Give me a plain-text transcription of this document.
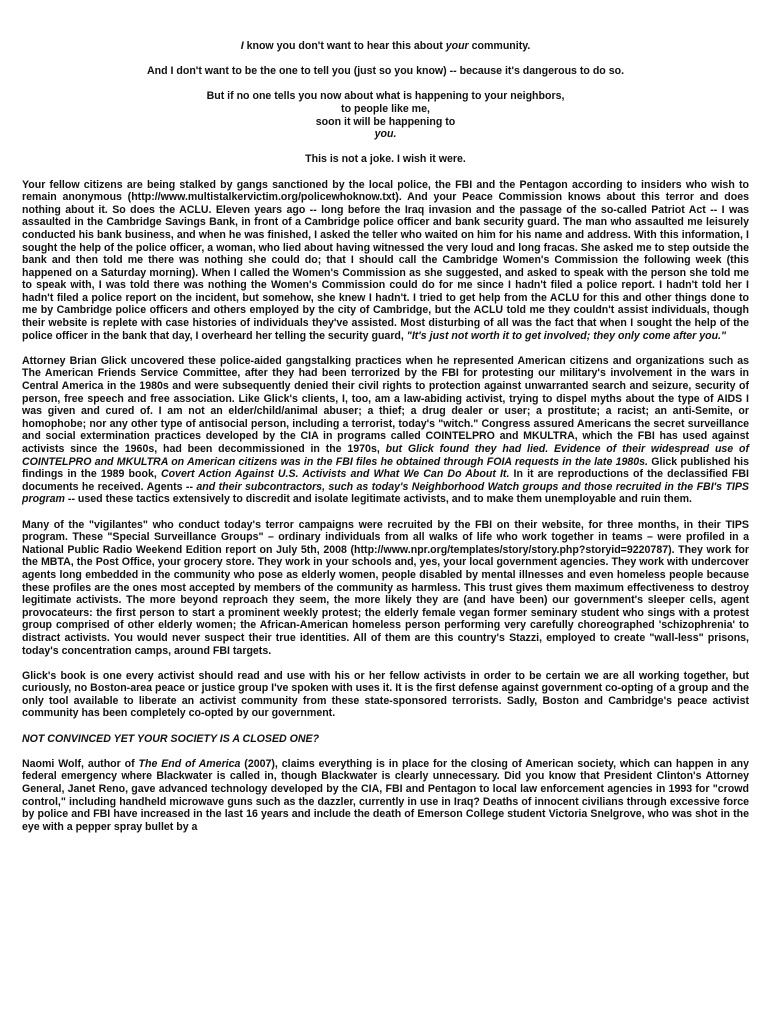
I know you don't want to hear this about your community.
And I don't want to be the one to tell you (just so you know) -- because it's dangerous to do so.
But if no one tells you now about what is happening to your neighbors,
to people like me,
soon it will be happening to
you.
This is not a joke. I wish it were.

Your fellow citizens are being stalked by gangs sanctioned by the local police, the FBI and the Pentagon according to insiders who wish to remain anonymous (http://www.multistalkervictim.org/policewhoknow.txt). And your Peace Commission knows about this terror and does nothing about it. So does the ACLU. Eleven years ago -- long before the Iraq invasion and the passage of the so-called Patriot Act -- I was assaulted in the Cambridge Savings Bank, in front of a Cambridge police officer and bank security guard. The man who assaulted me leisurely conducted his bank business, and when he was finished, I asked the teller who waited on him for his name and address. With this information, I sought the help of the police officer, a woman, who lied about having witnessed the very loud and long fracas. She asked me to step outside the bank and then told me there was nothing she could do; that I should call the Cambridge Women's Commission the following week (this happened on a Saturday morning). When I called the Women's Commission as she suggested, and asked to speak with the person she told me to speak with, I was told there was nothing the Women's Commission could do for me since I hadn't filed a police report. I hadn't told her I hadn't filed a police report on the incident, but somehow, she knew I hadn't. I tried to get help from the ACLU for this and other things done to me by Cambridge police officers and others employed by the city of Cambridge, but the ACLU told me they couldn't assist individuals, though their website is replete with case histories of individuals they've assisted. Most disturbing of all was the fact that when I sought the help of the police officer in the bank that day, I overheard her telling the security guard, "It's just not worth it to get involved; they only come after you."

Attorney Brian Glick uncovered these police-aided gangstalking practices when he represented American citizens and organizations such as The American Friends Service Committee, after they had been terrorized by the FBI for protesting our military's involvement in the wars in Central America in the 1980s and were subsequently denied their civil rights to protection against unwarranted search and seizure, security of person, free speech and free association. Like Glick's clients, I, too, am a law-abiding activist, trying to dispel myths about the type of AIDS I was given and cured of. I am not an elder/child/animal abuser; a thief; a drug dealer or user; a prostitute; a racist; an anti-Semite, or homophobe; nor any other type of antisocial person, including a terrorist, today's "witch." Congress assured Americans the secret surveillance and social extermination practices developed by the CIA in programs called COINTELPRO and MKULTRA, which the FBI has used against activists since the 1960s, had been decommissioned in the 1970s, but Glick found they had lied. Evidence of their widespread use of COINTELPRO and MKULTRA on American citizens was in the FBI files he obtained through FOIA requests in the late 1980s. Glick published his findings in the 1989 book, Covert Action Against U.S. Activists and What We Can Do About It. In it are reproductions of the declassified FBI documents he received. Agents -- and their subcontractors, such as today's Neighborhood Watch groups and those recruited in the FBI's TIPS program -- used these tactics extensively to discredit and isolate legitimate activists, and to make them unemployable and ruin them.

Many of the "vigilantes" who conduct today's terror campaigns were recruited by the FBI on their website, for three months, in their TIPS program. These "Special Surveillance Groups" – ordinary individuals from all walks of life who work together in teams – were profiled in a National Public Radio Weekend Edition report on July 5th, 2008 (http://www.npr.org/templates/story/story.php?storyid=9220787). They work for the MBTA, the Post Office, your grocery store. They work in your schools and, yes, your local government agencies. They work with undercover agents long embedded in the community who pose as elderly women, people disabled by mental illnesses and even homeless people because these profiles are the ones most accepted by members of the community as harmless. This trust gives them maximum effectiveness to destroy legitimate activists. The more beyond reproach they seem, the more likely they are (and have been) our government's sleeper cells, agent provocateurs: the first person to start a prominent weekly protest; the elderly female vegan former seminary student who sings with a protest group comprised of other elderly women; the African-American homeless person performing very carefully choreographed 'schizophrenia' to distract activists. You would never suspect their true identities. All of them are this country's Stazzi, employed to create "wall-less" prisons, today's concentration camps, around FBI targets.

Glick's book is one every activist should read and use with his or her fellow activists in order to be certain we are all working together, but curiously, no Boston-area peace or justice group I've spoken with uses it. It is the first defense against government co-opting of a group and the only tool available to liberate an activist community from these state-sponsored terrorists. Sadly, Boston and Cambridge's peace activist community has been completely co-opted by our government.

NOT CONVINCED YET YOUR SOCIETY IS A CLOSED ONE?

Naomi Wolf, author of The End of America (2007), claims everything is in place for the closing of American society, which can happen in any federal emergency where Blackwater is called in, though Blackwater is clearly unnecessary. Did you know that President Clinton's Attorney General, Janet Reno, gave advanced technology developed by the CIA, FBI and Pentagon to local law enforcement agencies in 1993 for "crowd control," including handheld microwave guns such as the dazzler, currently in use in Iraq? Deaths of innocent civilians through excessive force by police and FBI have increased in the last 16 years and include the death of Emerson College student Victoria Snelgrove, who was shot in the eye with a pepper spray bullet by a
